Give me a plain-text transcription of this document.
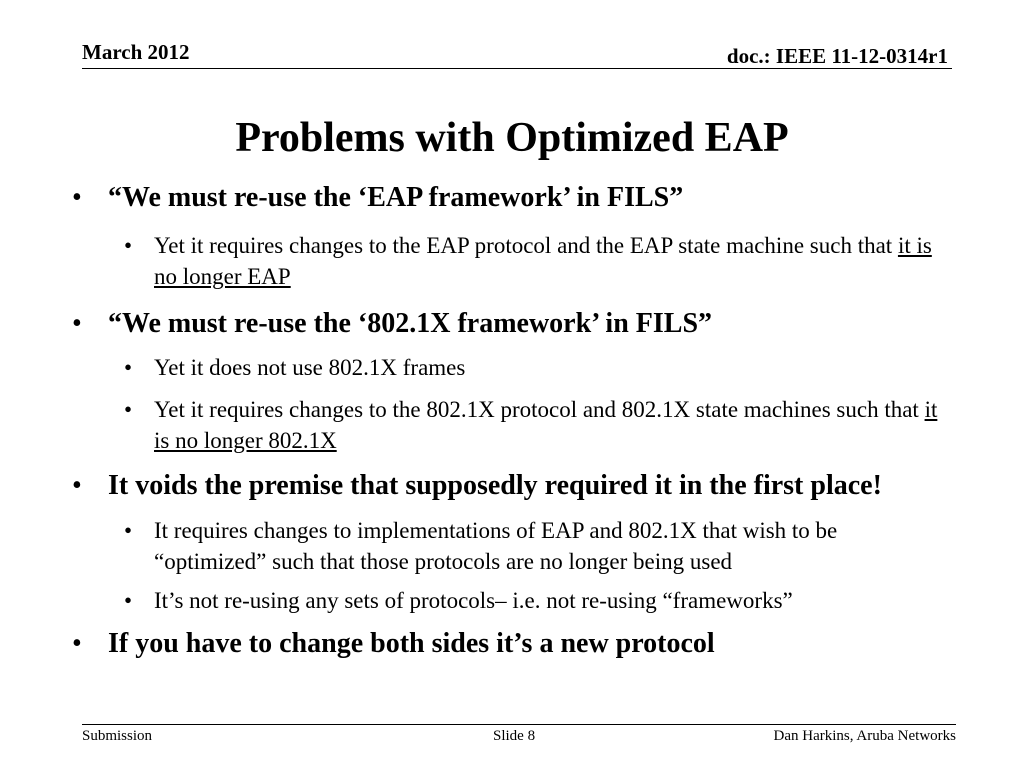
March 2012	doc.: IEEE 11-12-0314r1
Problems with Optimized EAP
• “We must re-use the ‘EAP framework’ in FILS”
• Yet it requires changes to the EAP protocol and the EAP state machine such that it is no longer EAP
• “We must re-use the ‘802.1X framework’ in FILS”
• Yet it does not use 802.1X frames
• Yet it requires changes to the 802.1X protocol and 802.1X state machines such that it is no longer 802.1X
• It voids the premise that supposedly required it in the first place!
• It requires changes to implementations of EAP and 802.1X that wish to be “optimized” such that those protocols are no longer being used
• It’s not re-using any sets of protocols– i.e. not re-using “frameworks”
• If you have to change both sides it’s a new protocol
Submission	Slide 8	Dan Harkins, Aruba Networks
